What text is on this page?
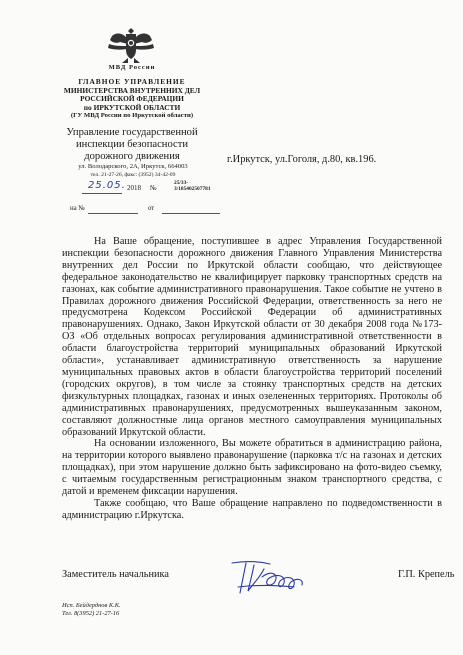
МВД России
ГЛАВНОЕ УПРАВЛЕНИЕ
МИНИСТЕРСТВА ВНУТРЕННИХ ДЕЛ
РОССИЙСКОЙ ФЕДЕРАЦИИ
по ИРКУТСКОЙ ОБЛАСТИ
(ГУ МВД России по Иркутской области)
Управление государственной
инспекции безопасности
дорожного движения
ул. Володарского, 2А, Иркутск, 664003
тел. 21-27-26, факс: (3952) 34-42-09
25.05. 2018 №
25/33-
3/185402507781
на №	от
г.Иркутск, ул.Гоголя, д.80, кв.196.

На Ваше обращение, поступившее в адрес Управления Государственной инспекции безопасности дорожного движения Главного Управления Министерства внутренних дел России по Иркутской области сообщаю, что действующее федеральное законодательство не квалифицирует парковку транспортных средств на газонах, как событие административного правонарушения. Такое событие не учтено в Правилах дорожного движения Российской Федерации, ответственность за него не предусмотрена Кодексом Российской Федерации об административных правонарушениях. Однако, Закон Иркутской области от 30 декабря 2008 года №173-ОЗ «Об отдельных вопросах регулирования административной ответственности в области благоустройства территорий муниципальных образований Иркутской области», устанавливает административную ответственность за нарушение муниципальных правовых актов в области благоустройства территорий поселений (городских округов), в том числе за стоянку транспортных средств на детских физкультурных площадках, газонах и иных озелененных территориях. Протоколы об административных правонарушениях, предусмотренных вышеуказанным законом, составляют должностные лица органов местного самоуправления муниципальных образований Иркутской области.

На основании изложенного, Вы можете обратиться в администрацию района, на территории которого выявлено правонарушение (парковка т/с на газонах и детских площадках), при этом нарушение должно быть зафиксировано на фото-видео съемку, с читаемым государственным регистрационным знаком транспортного средства, с датой и временем фиксации нарушения.

Также сообщаю, что Ваше обращение направлено по подведомственности в администрацию г.Иркутска.

Заместитель начальника	Г.П. Крепель
Исп. Бейдерднов К.К.
Тел. 8(3952) 21-27-16
